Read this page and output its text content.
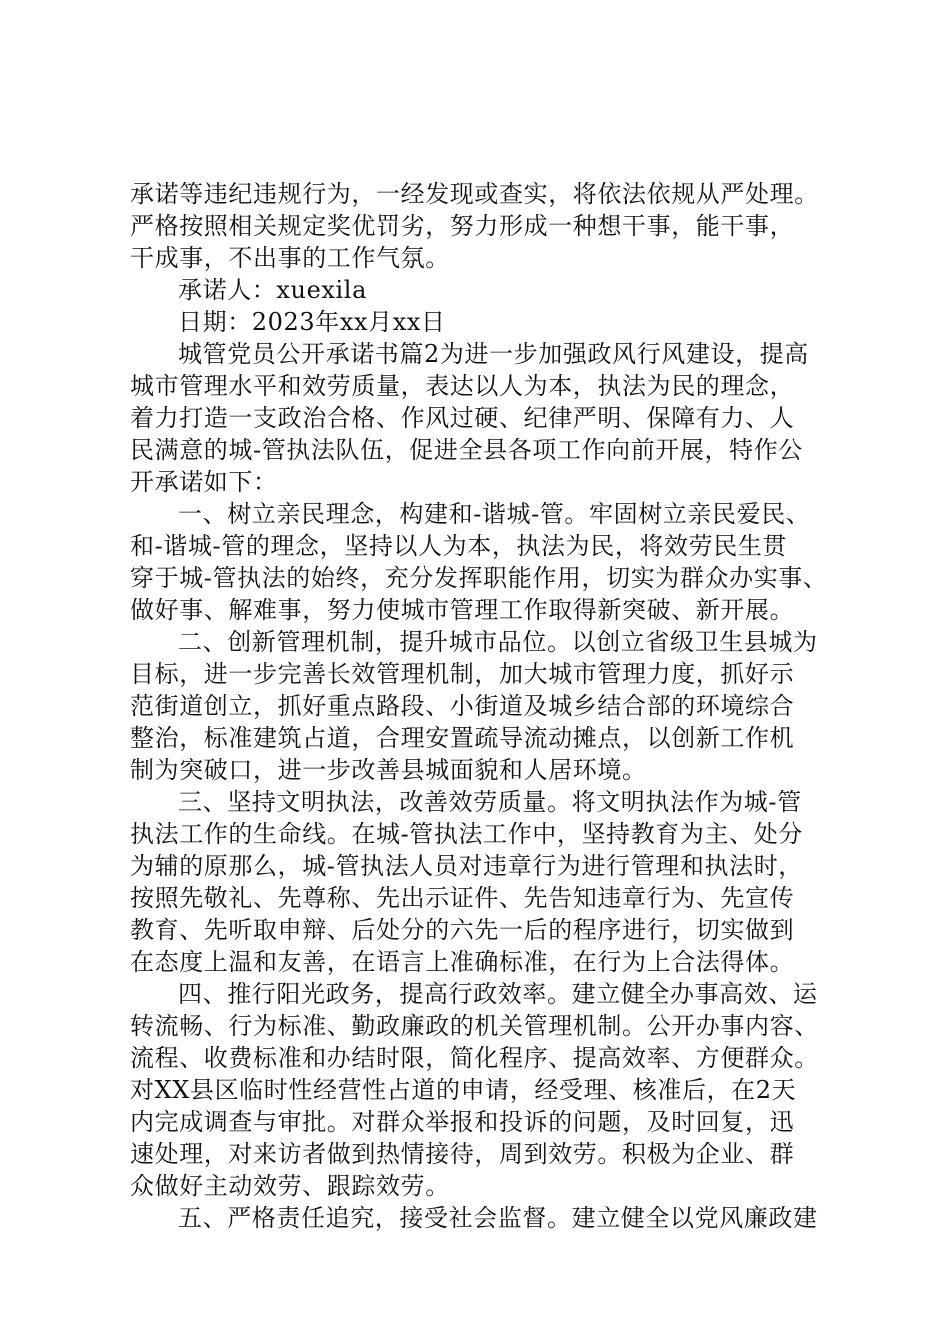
承诺等违纪违规行为，一经发现或查实，将依法依规从严处理。
严格按照相关规定奖优罚劣，努力形成一种想干事，能干事，
干成事，不出事的工作气氛。
承诺人：xuexila
日期：2023年xx月xx日
城管党员公开承诺书篇2为进一步加强政风行风建设，提高
城市管理水平和效劳质量，表达以人为本，执法为民的理念，
着力打造一支政治合格、作风过硬、纪律严明、保障有力、人
民满意的城-管执法队伍，促进全县各项工作向前开展，特作公
开承诺如下：
一、树立亲民理念，构建和-谐城-管。牢固树立亲民爱民、
和-谐城-管的理念，坚持以人为本，执法为民，将效劳民生贯
穿于城-管执法的始终，充分发挥职能作用，切实为群众办实事、
做好事、解难事，努力使城市管理工作取得新突破、新开展。
二、创新管理机制，提升城市品位。以创立省级卫生县城为
目标，进一步完善长效管理机制，加大城市管理力度，抓好示
范街道创立，抓好重点路段、小街道及城乡结合部的环境综合
整治，标准建筑占道，合理安置疏导流动摊点，以创新工作机
制为突破口，进一步改善县城面貌和人居环境。
三、坚持文明执法，改善效劳质量。将文明执法作为城-管
执法工作的生命线。在城-管执法工作中，坚持教育为主、处分
为辅的原那么，城-管执法人员对违章行为进行管理和执法时，
按照先敬礼、先尊称、先出示证件、先告知违章行为、先宣传
教育、先听取申辩、后处分的六先一后的程序进行，切实做到
在态度上温和友善，在语言上准确标准，在行为上合法得体。
四、推行阳光政务，提高行政效率。建立健全办事高效、运
转流畅、行为标准、勤政廉政的机关管理机制。公开办事内容、
流程、收费标准和办结时限，简化程序、提高效率、方便群众。
对XX县区临时性经营性占道的申请，经受理、核准后，在2天
内完成调查与审批。对群众举报和投诉的问题，及时回复，迅
速处理，对来访者做到热情接待，周到效劳。积极为企业、群
众做好主动效劳、跟踪效劳。
五、严格责任追究，接受社会监督。建立健全以党风廉政建
